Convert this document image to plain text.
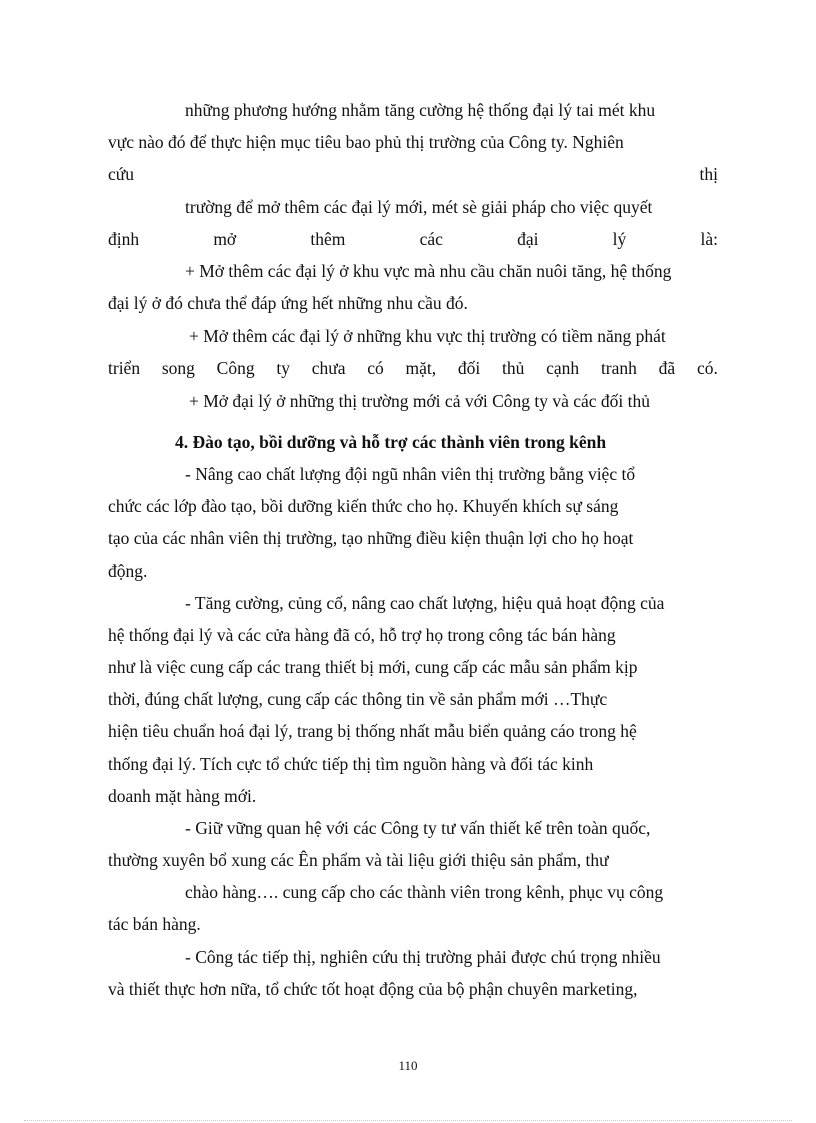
những phương hướng nhằm tăng cường hệ thống đại lý tai mét khu
vực nào đó để thực hiện mục tiêu bao phủ thị trường của Công ty. Nghiên
cứu	thị
trường để mở thêm các đại lý mới, mét sè giải pháp cho việc quyết
định	mở	thêm	các	đại	lý	là:
+ Mở thêm các đại lý ở khu vực mà nhu cầu chăn nuôi tăng, hệ thống
đại lý ở đó chưa thể đáp ứng hết những nhu cầu đó.
+ Mở thêm các đại lý ở những khu vực thị trường có tiềm năng phát
triển song Công ty chưa có mặt, đối thủ cạnh tranh đã có.
+ Mở đại lý ở những thị trường mới cả với Công ty và các đối thủ
4. Đào tạo, bồi dưỡng và hỗ trợ các thành viên trong kênh
- Nâng cao chất lượng đội ngũ nhân viên thị trường bằng việc tổ
chức các lớp đào tạo, bồi dưỡng kiến thức cho họ. Khuyến khích sự sáng
tạo của các nhân viên thị trường, tạo những điều kiện thuận lợi cho họ hoạt
động.
- Tăng cường, củng cố, nâng cao chất lượng, hiệu quả hoạt động của
hệ thống đại lý và các cửa hàng đã có, hỗ trợ họ trong công tác bán hàng
như là việc cung cấp các trang thiết bị mới, cung cấp các mẫu sản phẩm kịp
thời, đúng chất lượng, cung cấp các thông tin về sản phẩm mới …Thực
hiện tiêu chuẩn hoá đại lý, trang bị thống nhất mẫu biển quảng cáo trong hệ
thống đại lý. Tích cực tổ chức tiếp thị tìm nguồn hàng và đối tác kinh
doanh mặt hàng mới.
- Giữ vững quan hệ với các Công ty tư vấn thiết kế trên toàn quốc,
thường xuyên bổ xung các Ên phẩm và tài liệu giới thiệu sản phẩm, thư
chào hàng…. cung cấp cho các thành viên trong kênh, phục vụ công
tác bán hàng.
- Công tác tiếp thị, nghiên cứu thị trường phải được chú trọng nhiều
và thiết thực hơn nữa, tổ chức tốt hoạt động của bộ phận chuyên marketing,
110
